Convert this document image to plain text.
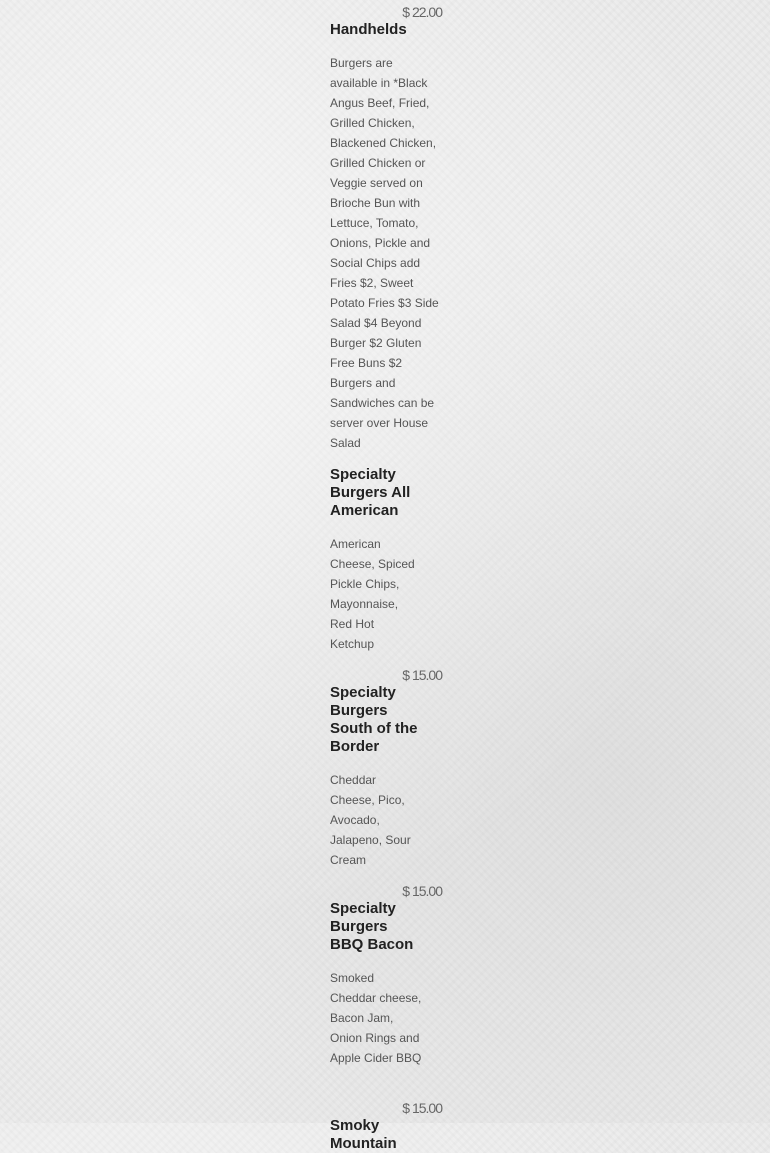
$ 22.00
Handhelds

Burgers are available in *Black Angus Beef, Fried, Grilled Chicken, Blackened Chicken, Grilled Chicken or Veggie served on Brioche Bun with Lettuce, Tomato, Onions, Pickle and Social Chips add Fries $2, Sweet Potato Fries $3 Side Salad $4 Beyond Burger $2 Gluten Free Buns $2 Burgers and Sandwiches can be server over House Salad

Specialty Burgers All American

American Cheese, Spiced Pickle Chips, Mayonnaise, Red Hot Ketchup

$ 15.00
Specialty Burgers South of the Border

Cheddar Cheese, Pico, Avocado, Jalapeno, Sour Cream

$ 15.00
Specialty Burgers BBQ Bacon

Smoked Cheddar cheese, Bacon Jam, Onion Rings and Apple Cider BBQ

$ 15.00
Smoky Mountain
